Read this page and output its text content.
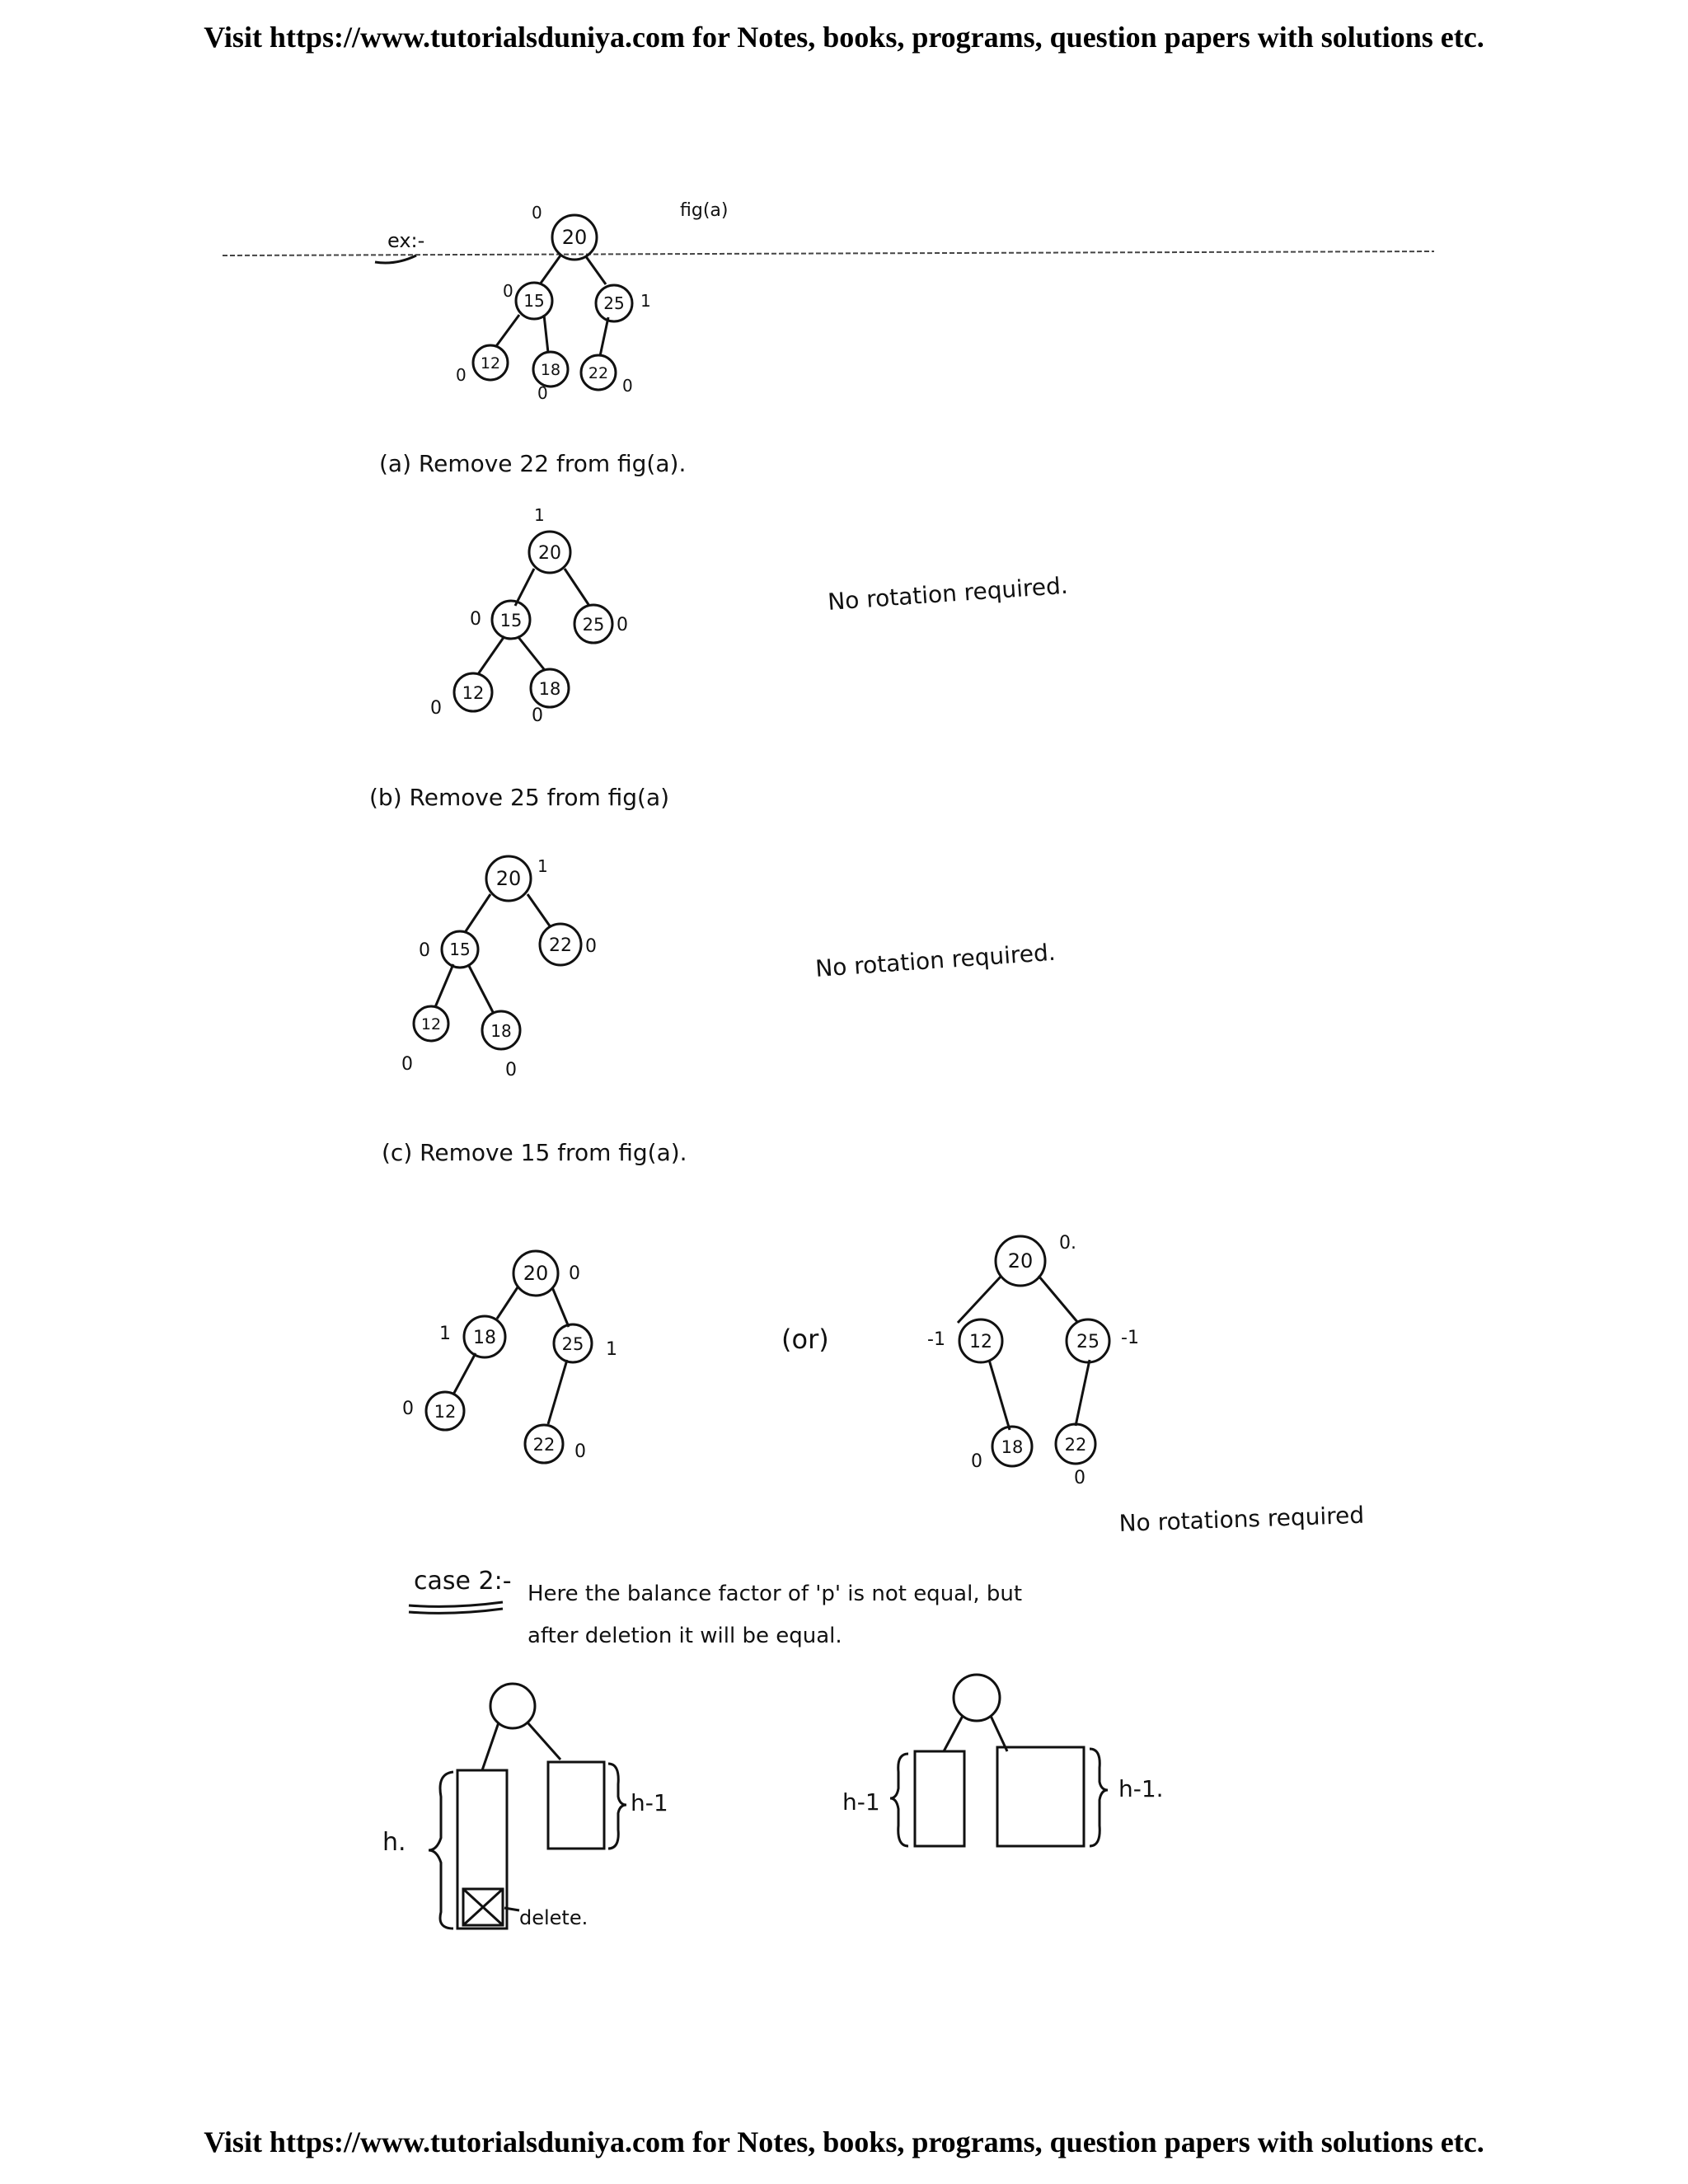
Visit https://www.tutorialsduniya.com for Notes, books, programs, question papers with solutions etc.
ex:-
fig(a)
20
15	25
12	18 22
0
0	1
0
0	0
(a) Remove 22 from fig(a).
20
15	25
12	18
1
0	0
0	0
No rotation required.
(b) Remove 25 from fig(a)
20
15	22
12	18
1
0	0
0	0
No rotation required.
(c) Remove 15 from fig(a).
20
18	25
12
22
0
1
1
0
0
(or)
20
12	25
18 22
0.
-1	-1
0
0
No rotations required
case 2:- Here the balance factor of 'p' is not equal, but
after deletion it will be equal.
h.
h-1
delete.
h-1	h-1.
Visit https://www.tutorialsduniya.com for Notes, books, programs, question papers with solutions etc.
